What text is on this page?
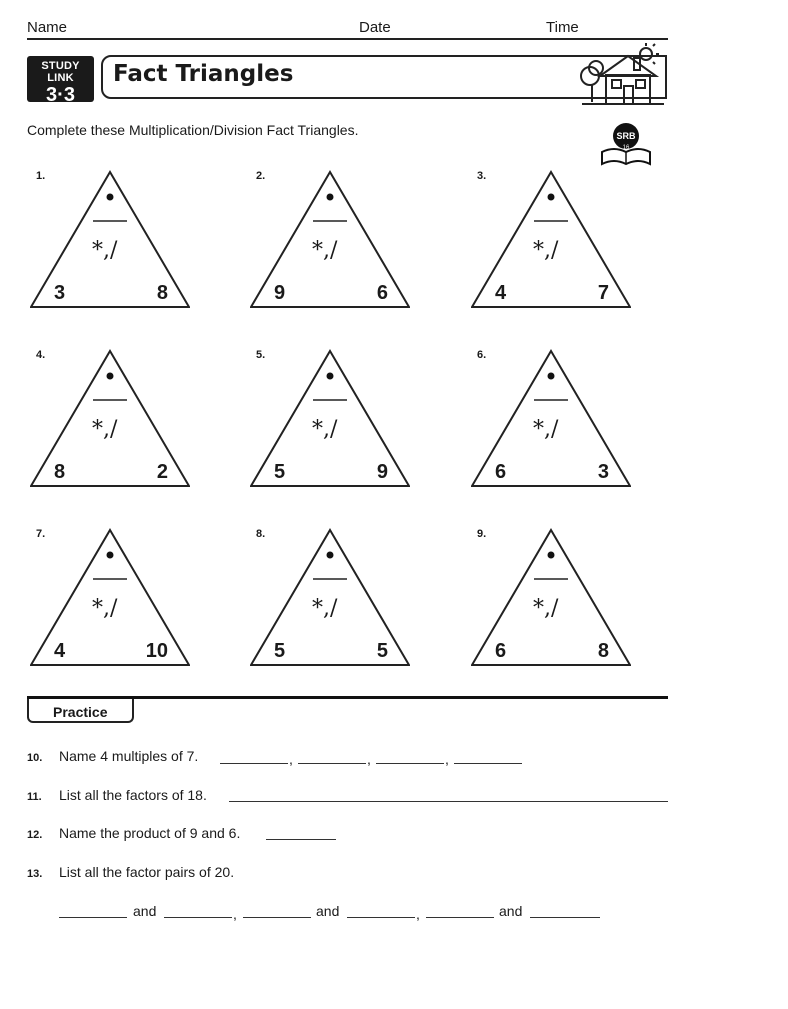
Name	Date	Time
STUDY LINK
3·3
Fact Triangles
Complete these Multiplication/Division Fact Triangles.	SRB
16
1.
*,/
3	8
2.
*,/
9	6
3.
*,/
4	7
4.
*,/
8	2
5.
*,/
5	9
6.
*,/
6	3
7.
*,/
4	10
8.
*,/
5	5
9.
*,/
6	8
Practice
10. Name 4 multiples of 7.	,	,	,
11. List all the factors of 18.
12. Name the product of 9 and 6.
13. List all the factor pairs of 20.
and	,	and	,	and
